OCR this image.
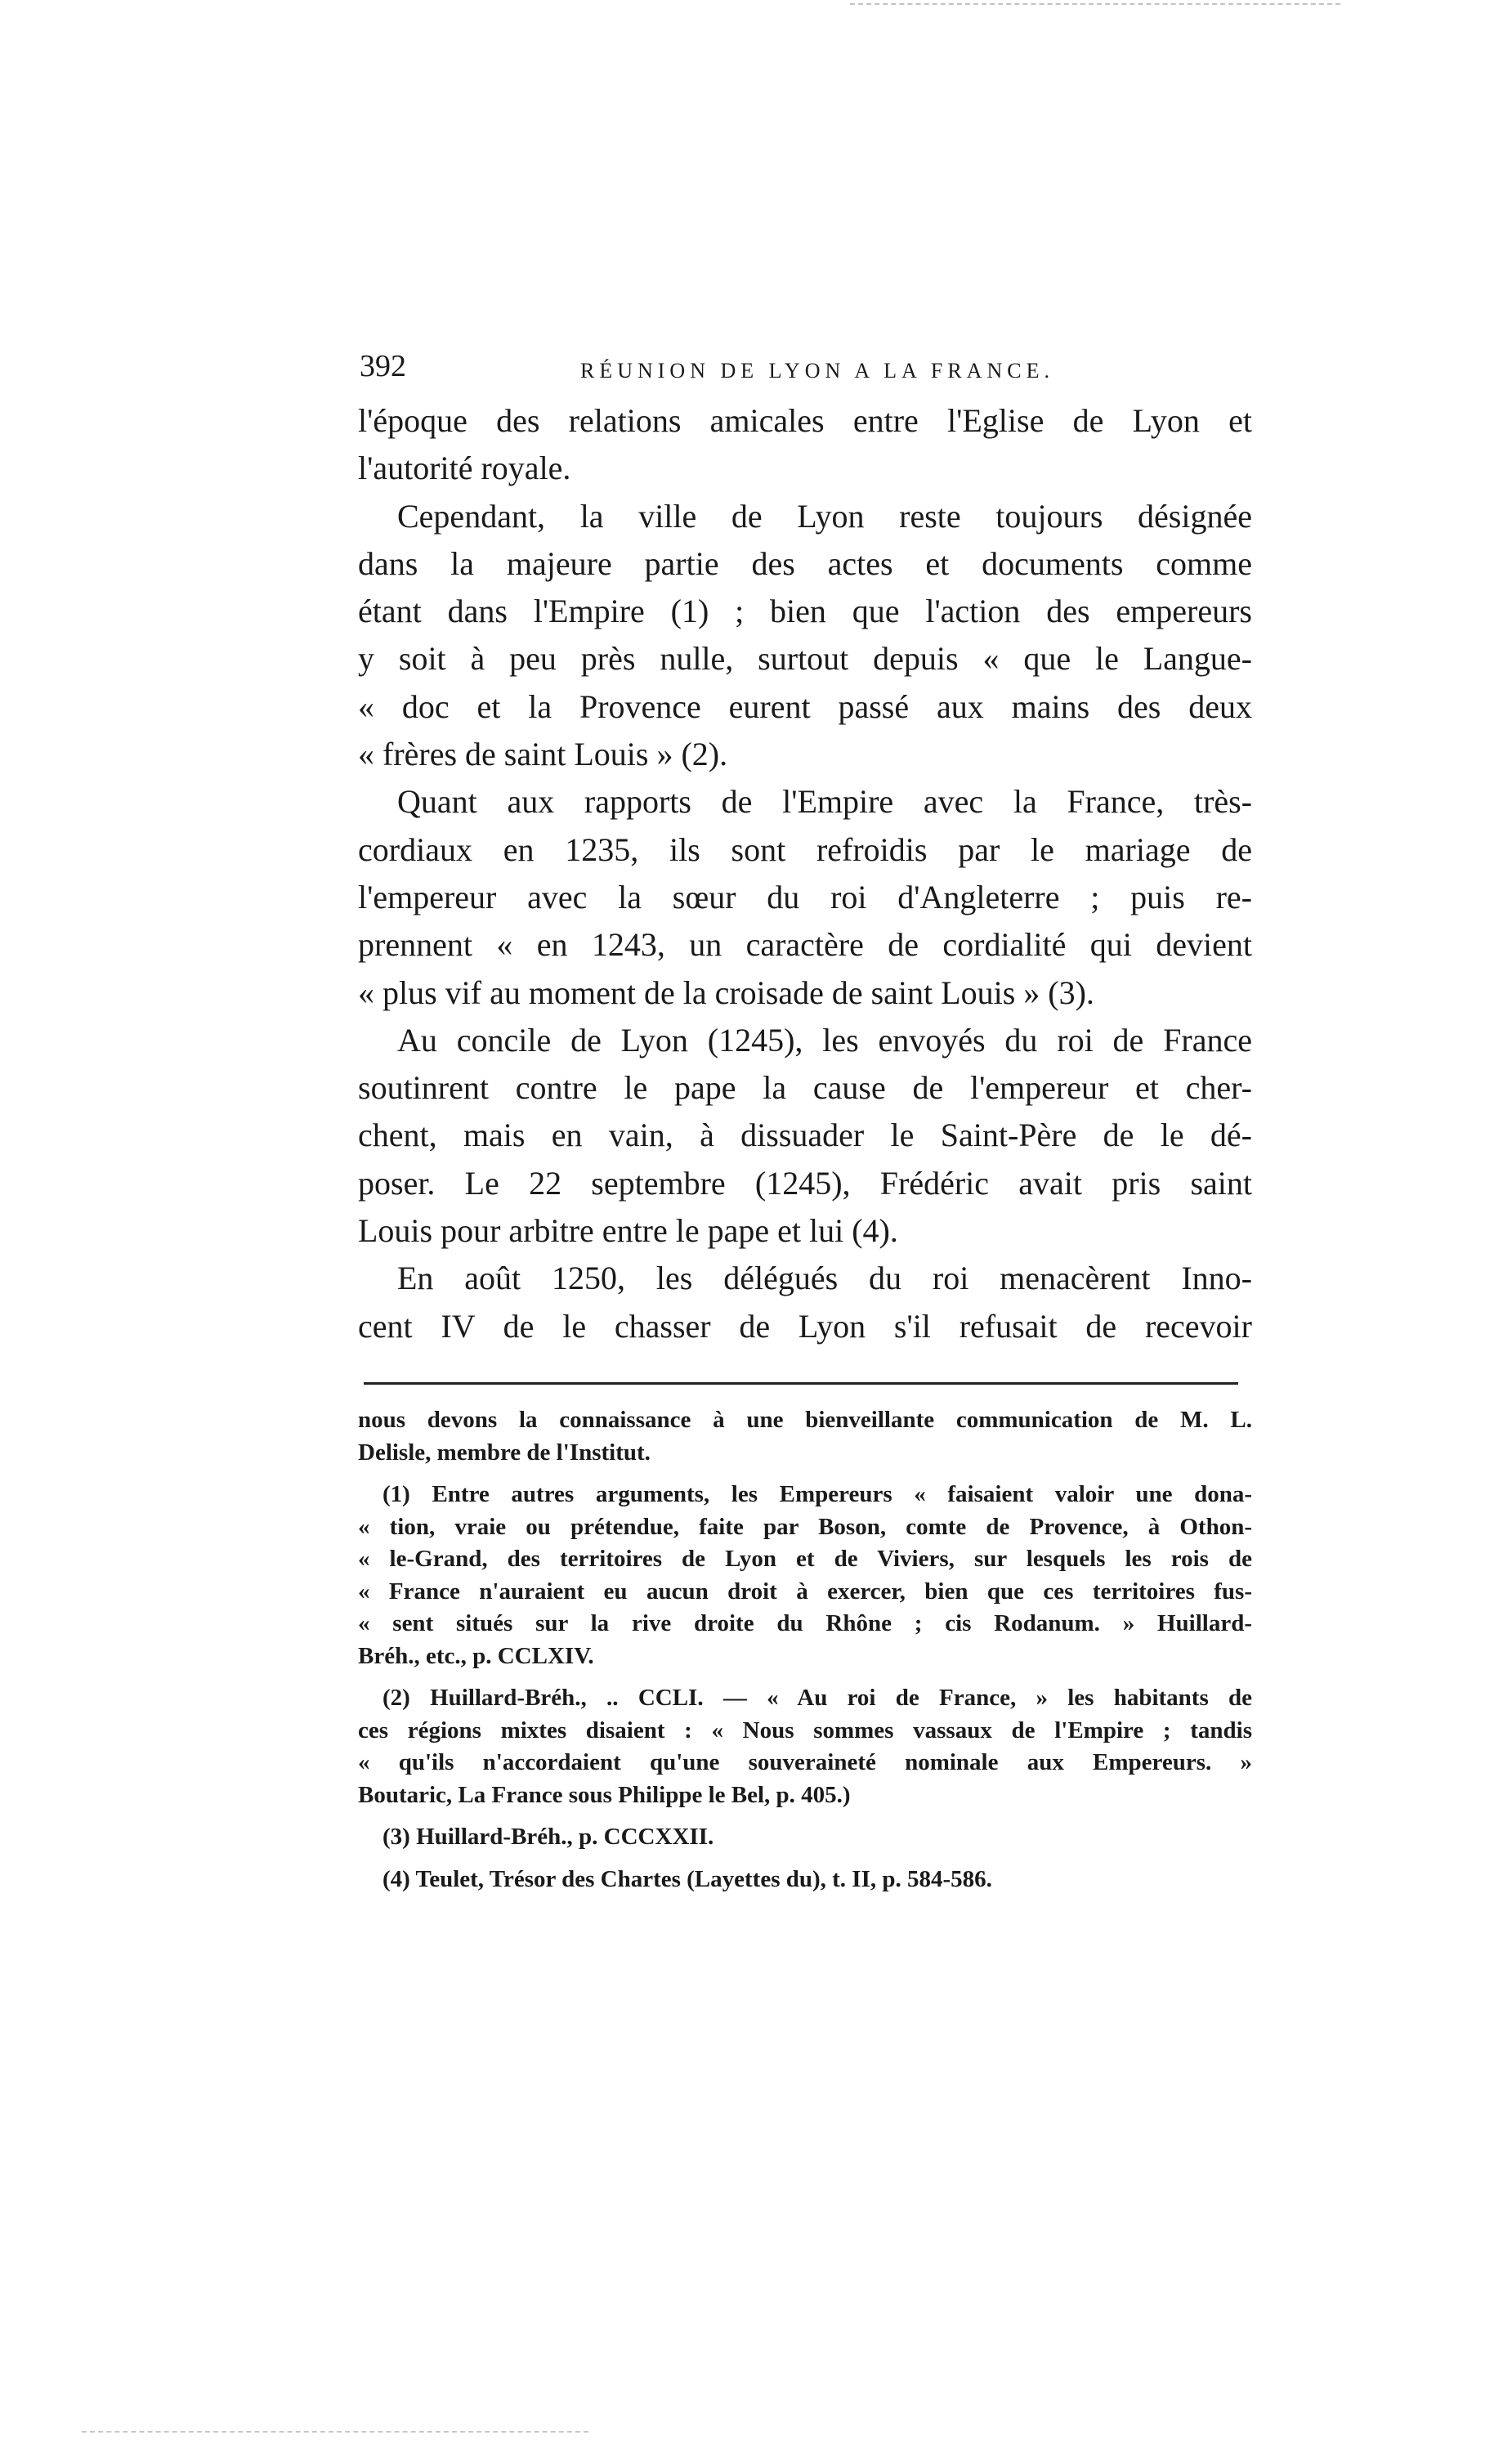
392	RÉUNION DE LYON A LA FRANCE.
l'époque des relations amicales entre l'Eglise de Lyon et
l'autorité royale.
Cependant, la ville de Lyon reste toujours désignée
dans la majeure partie des actes et documents comme
étant dans l'Empire (1) ; bien que l'action des empereurs
y soit à peu près nulle, surtout depuis « que le Langue-
« doc et la Provence eurent passé aux mains des deux
« frères de saint Louis » (2).
Quant aux rapports de l'Empire avec la France, très-
cordiaux en 1235, ils sont refroidis par le mariage de
l'empereur avec la sœur du roi d'Angleterre ; puis re-
prennent « en 1243, un caractère de cordialité qui devient
« plus vif au moment de la croisade de saint Louis » (3).
Au concile de Lyon (1245), les envoyés du roi de France
soutinrent contre le pape la cause de l'empereur et cher-
chent, mais en vain, à dissuader le Saint-Père de le dé-
poser. Le 22 septembre (1245), Frédéric avait pris saint
Louis pour arbitre entre le pape et lui (4).
En août 1250, les délégués du roi menacèrent Inno-
cent IV de le chasser de Lyon s'il refusait de recevoir
nous devons la connaissance à une bienveillante communication de M. L.
Delisle, membre de l'Institut.
(1) Entre autres arguments, les Empereurs « faisaient valoir une dona-
« tion, vraie ou prétendue, faite par Boson, comte de Provence, à Othon-
« le-Grand, des territoires de Lyon et de Viviers, sur lesquels les rois de
« France n'auraient eu aucun droit à exercer, bien que ces territoires fus-
« sent situés sur la rive droite du Rhône ; cis Rodanum. » Huillard-
Bréh., etc., p. CCLXIV.
(2) Huillard-Bréh., .. CCLI. — « Au roi de France, » les habitants de
ces régions mixtes disaient : « Nous sommes vassaux de l'Empire ; tandis
« qu'ils n'accordaient qu'une souveraineté nominale aux Empereurs. »
Boutaric, La France sous Philippe le Bel, p. 405.)
(3) Huillard-Bréh., p. CCCXXII.
(4) Teulet, Trésor des Chartes (Layettes du), t. II, p. 584-586.
